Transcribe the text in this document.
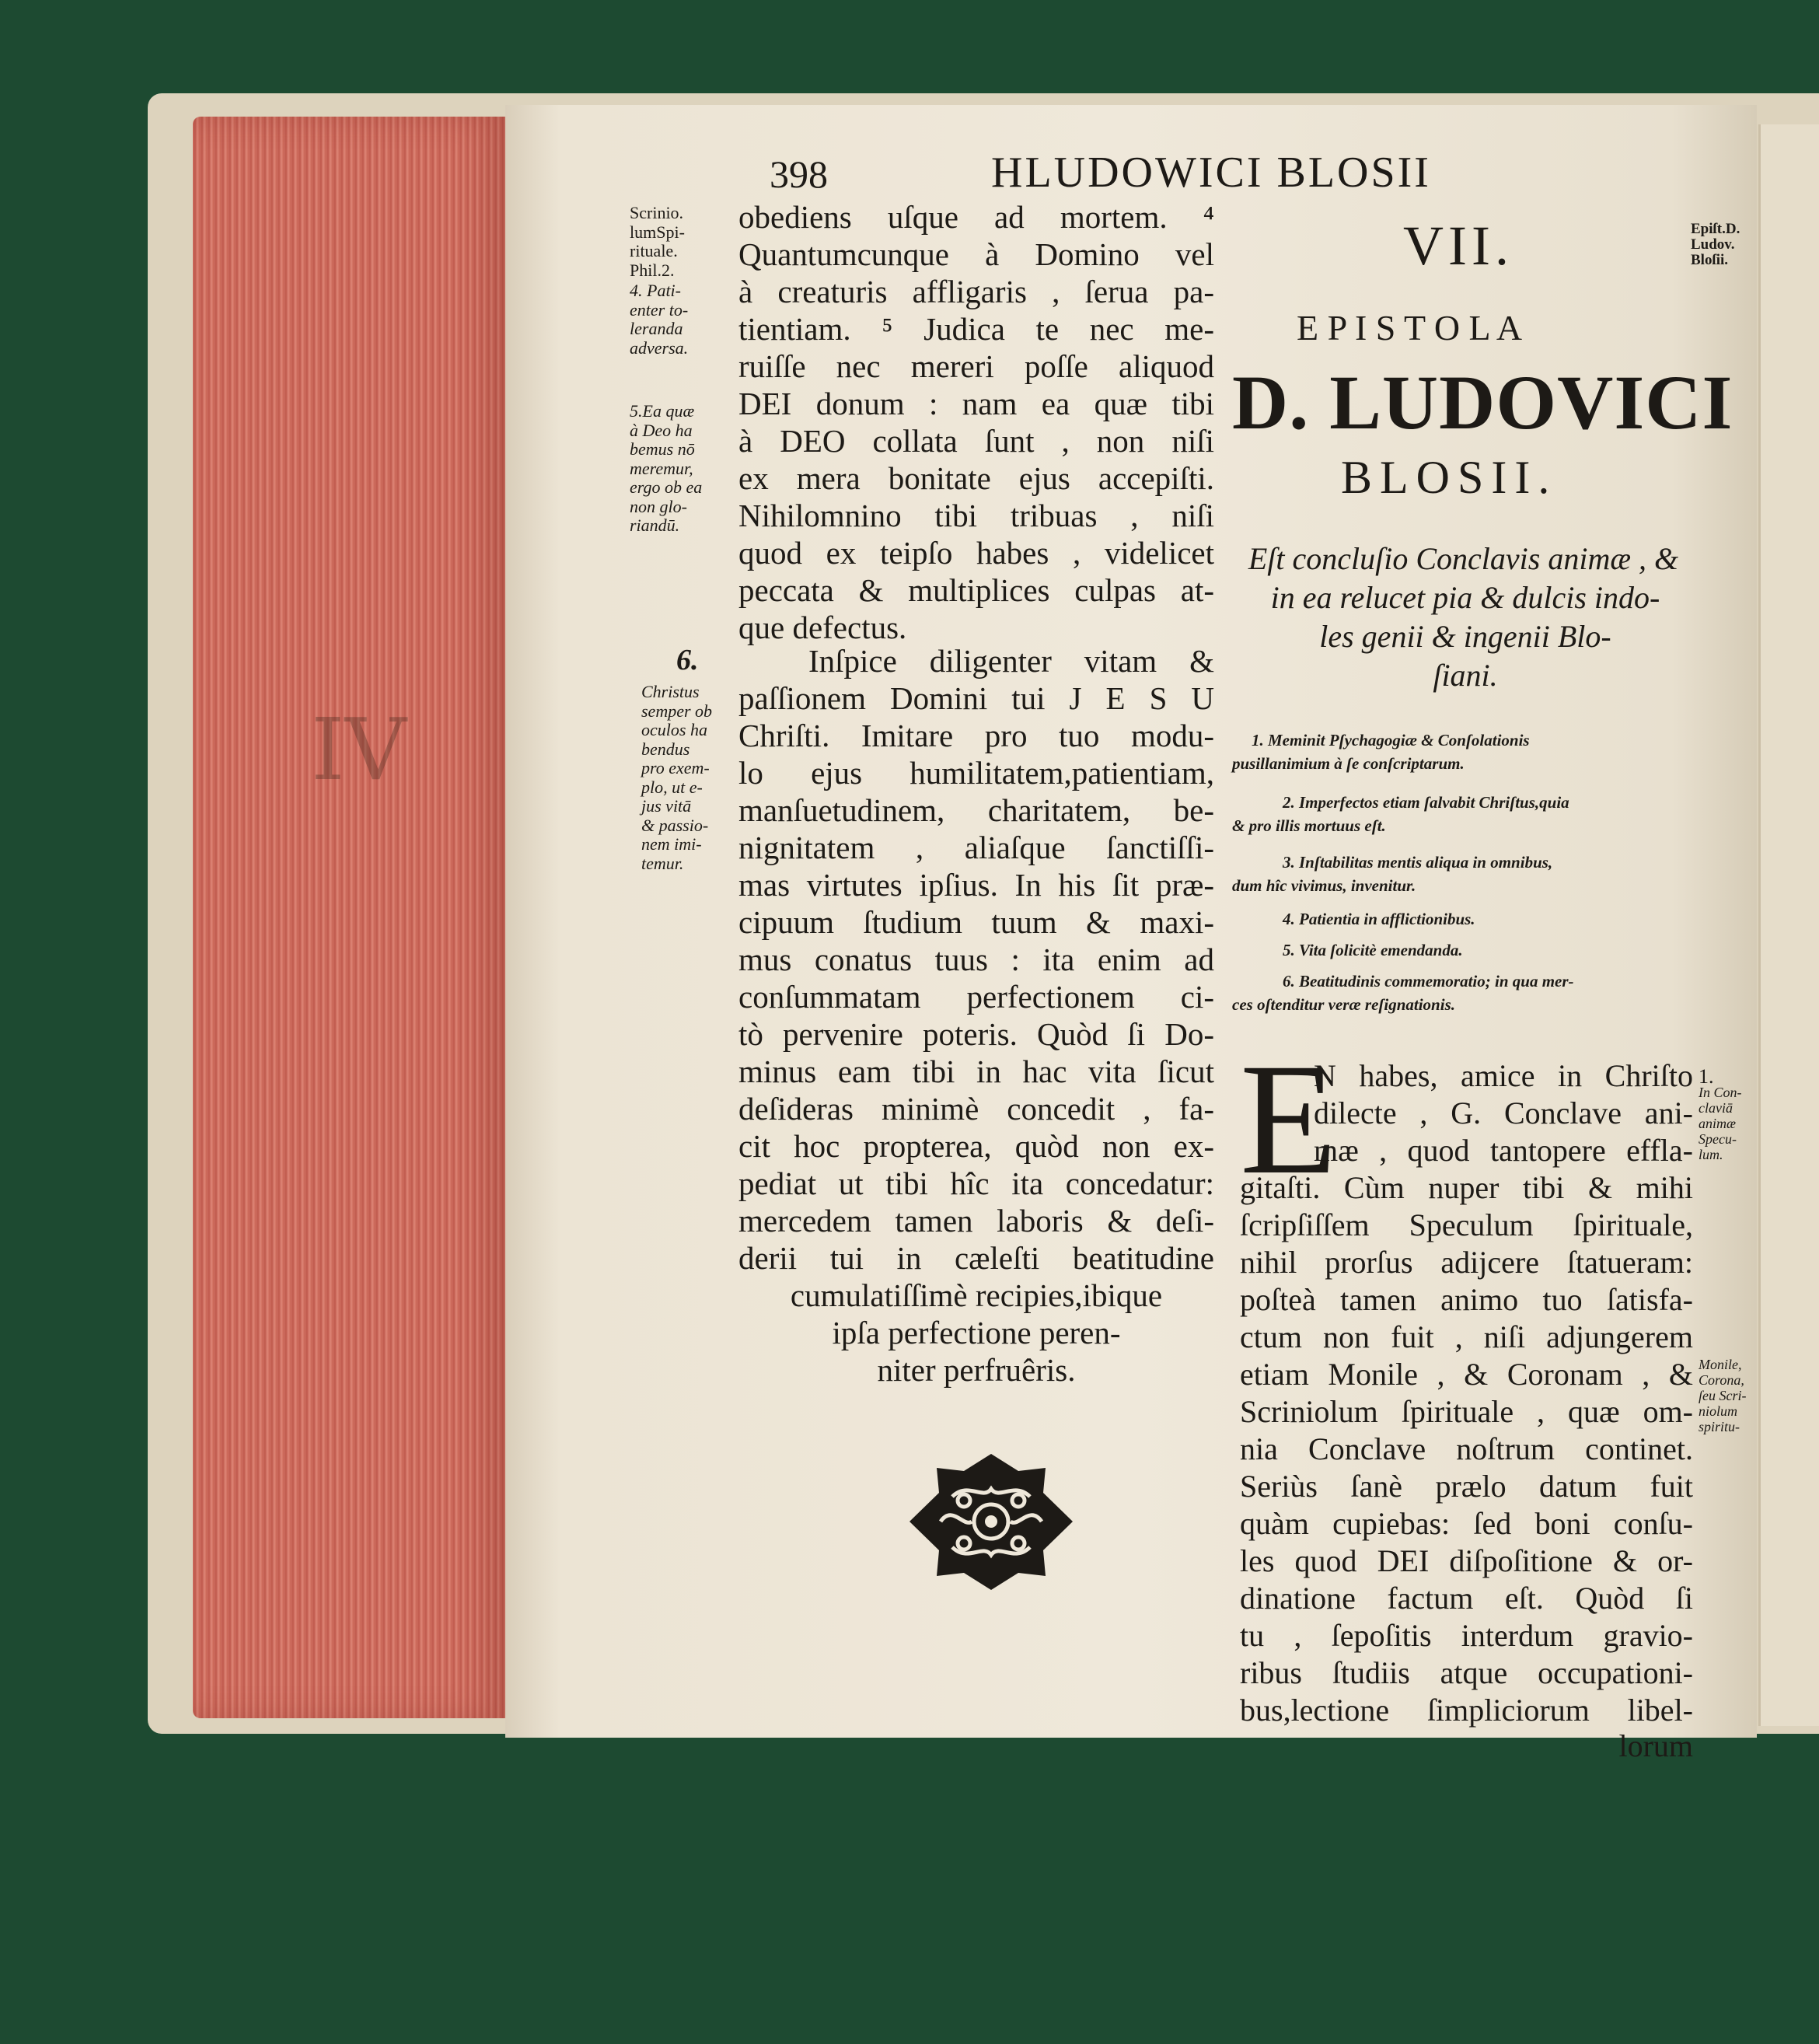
ⅠV
398	HLUDOWICI BLOSII
Scrinio.
lumSpi-
rituale.
Phil.2.
4. Pati-
enter to-
leranda
adversa.
5.Ea quæ
à Deo ha
bemus nō
meremur,
ergo ob ea
non glo-
riandū.
Christus
semper ob
oculos ha
bendus
pro exem-
plo, ut e-
jus vitā
& passio-
nem imi-
temur.
6.
obediens uſque ad mortem. ⁴
Quantumcunque à Domino vel
à creaturis affligaris , ſerua pa-
tientiam. ⁵ Judica te nec me-
ruiſſe nec mereri poſſe aliquod
DEI donum : nam ea quæ tibi
à DEO collata ſunt , non niſi
ex mera bonitate ejus accepiſti.
Nihilomnino tibi tribuas , niſi
quod ex teipſo habes , videlicet
peccata & multiplices culpas at-
que defectus.
Inſpice diligenter vitam &
paſſionem Domini tui J E S U
Chriſti. Imitare pro tuo modu-
lo ejus humilitatem,patientiam,
manſuetudinem, charitatem, be-
nignitatem , aliaſque ſanctiſſi-
mas virtutes ipſius. In his ſit præ-
cipuum ſtudium tuum & maxi-
mus conatus tuus : ita enim ad
conſummatam perfectionem ci-
tò pervenire poteris. Quòd ſi Do-
minus eam tibi in hac vita ſicut
deſideras minimè concedit , fa-
cit hoc propterea, quòd non ex-
pediat ut tibi hîc ita concedatur:
mercedem tamen laboris & deſi-
derii tui in cæleſti beatitudine
cumulatiſſimè recipies,ibique
ipſa perfectione peren-
niter perfruêris.
VII.
E P I S T O L A
D. LUDOVICI
BLOSII.
Eſt concluſio Conclavis animæ , &
in ea relucet pia & dulcis indo-
les genii & ingenii Blo-
ſiani.
1. Meminit Pſychagogiæ & Conſolationis
pusillanimium à ſe conſcriptarum.
2. Imperfectos etiam ſalvabit Chriſtus,quia
& pro illis mortuus eſt.
3. Inſtabilitas mentis aliqua in omnibus,
dum hîc vivimus, invenitur.
4. Patientia in afflictionibus.
5. Vita ſolicitè emendanda.
6. Beatitudinis commemoratio; in qua mer-
ces oſtenditur veræ reſignationis.
E
N habes, amice in Chriſto
dilecte , G. Conclave ani-
mæ , quod tantopere effla-
gitaſti. Cùm nuper tibi & mihi
ſcripſiſſem Speculum ſpirituale,
nihil prorſus adijcere ſtatueram:
poſteà tamen animo tuo ſatisfa-
ctum non fuit , niſi adjungerem
etiam Monile , & Coronam , &
Scriniolum ſpirituale , quæ om-
nia Conclave noſtrum continet.
Seriùs ſanè prælo datum fuit
quàm cupiebas: ſed boni conſu-
les quod DEI diſpoſitione & or-
dinatione factum eſt. Quòd ſi
tu , ſepoſitis interdum gravio-
ribus ſtudiis atque occupationi-
bus,lectione ſimpliciorum libel-
lorum
Epiſt.D.
Ludov.
Bloſii.
1.
In Con-
claviā
animæ
Specu-
lum.
Monile,
Corona,
ſeu Scri-
niolum
spiritu-
